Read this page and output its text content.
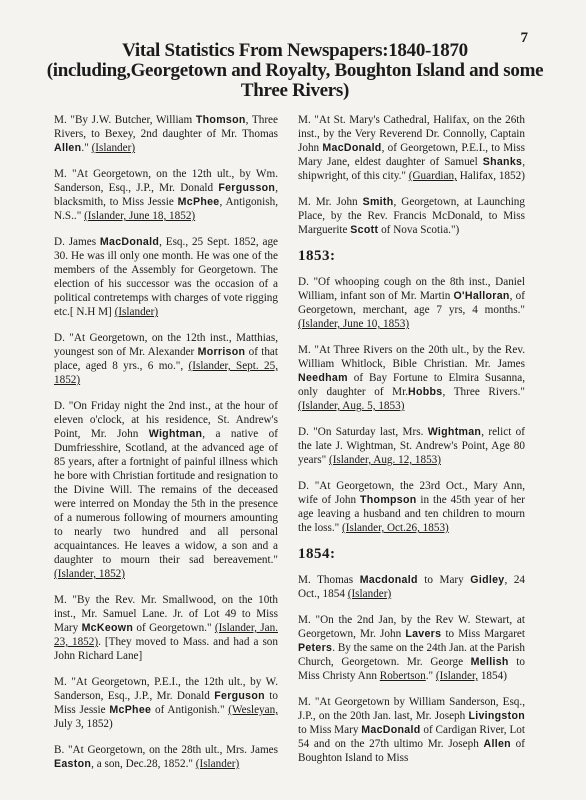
7
Vital Statistics From Newspapers:1840-1870
(including,Georgetown and Royalty, Boughton Island and some
Three Rivers)

M. "By J.W. Butcher, William Thomson, Three Rivers, to Bexey, 2nd daughter of Mr. Thomas Allen." (Islander)

M. "At Georgetown, on the 12th ult., by Wm. Sanderson, Esq., J.P., Mr. Donald Fergusson, blacksmith, to Miss Jessie McPhee, Antigonish, N.S.." (Islander, June 18, 1852)

D. James MacDonald, Esq., 25 Sept. 1852, age 30. He was ill only one month. He was one of the members of the Assembly for Georgetown. The election of his successor was the occasion of a political contretemps with charges of vote rigging etc.[ N.H M] (Islander)

D. "At Georgetown, on the 12th inst., Matthias, youngest son of Mr. Alexander Morrison of that place, aged 8 yrs., 6 mo.", (Islander, Sept. 25, 1852)

D. "On Friday night the 2nd inst., at the hour of eleven o'clock, at his residence, St. Andrew's Point, Mr. John Wightman, a native of Dumfriesshire, Scotland, at the advanced age of 85 years, after a fortnight of painful illness which he bore with Christian fortitude and resignation to the Divine Will. The remains of the deceased were interred on Monday the 5th in the presence of a numerous following of mourners amounting to nearly two hundred and all personal acquaintances. He leaves a widow, a son and a daughter to mourn their sad bereavement." (Islander, 1852)

M. "By the Rev. Mr. Smallwood, on the 10th inst., Mr. Samuel Lane. Jr. of Lot 49 to Miss Mary McKeown of Georgetown." (Islander, Jan. 23, 1852). [They moved to Mass. and had a son John Richard Lane]

M. "At Georgetown, P.E.I., the 12th ult., by W. Sanderson, Esq., J.P., Mr. Donald Ferguson to Miss Jessie McPhee of Antigonish." (Wesleyan, July 3, 1852)

B. "At Georgetown, on the 28th ult., Mrs. James Easton, a son, Dec.28, 1852." (Islander)

M. "At St. Mary's Cathedral, Halifax, on the 26th inst., by the Very Reverend Dr. Connolly, Captain John MacDonald, of Georgetown, P.E.I., to Miss Mary Jane, eldest daughter of Samuel Shanks, shipwright, of this city." (Guardian, Halifax, 1852)

M. Mr. John Smith, Georgetown, at Launching Place, by the Rev. Francis McDonald, to Miss Marguerite Scott of Nova Scotia.")

1853:

D. "Of whooping cough on the 8th inst., Daniel William, infant son of Mr. Martin O'Halloran, of Georgetown, merchant, age 7 yrs, 4 months." (Islander, June 10, 1853)

M. "At Three Rivers on the 20th ult., by the Rev. William Whitlock, Bible Christian. Mr. James Needham of Bay Fortune to Elmira Susanna, only daughter of Mr.Hobbs, Three Rivers." (Islander, Aug. 5, 1853)

D. "On Saturday last, Mrs. Wightman, relict of the late J. Wightman, St. Andrew's Point, Age 80 years" (Islander, Aug. 12, 1853)

D. "At Georgetown, the 23rd Oct., Mary Ann, wife of John Thompson in the 45th year of her age leaving a husband and ten children to mourn the loss." (Islander, Oct.26, 1853)

1854:

M. Thomas Macdonald to Mary Gidley, 24 Oct., 1854 (Islander)

M. "On the 2nd Jan, by the Rev W. Stewart, at Georgetown, Mr. John Lavers to Miss Margaret Peters. By the same on the 24th Jan. at the Parish Church, Georgetown. Mr. George Mellish to Miss Christy Ann Robertson." (Islander, 1854)

M. "At Georgetown by William Sanderson, Esq., J.P., on the 20th Jan. last, Mr. Joseph Livingston to Miss Mary MacDonald of Cardigan River, Lot 54 and on the 27th ultimo Mr. Joseph Allen of Boughton Island to Miss
